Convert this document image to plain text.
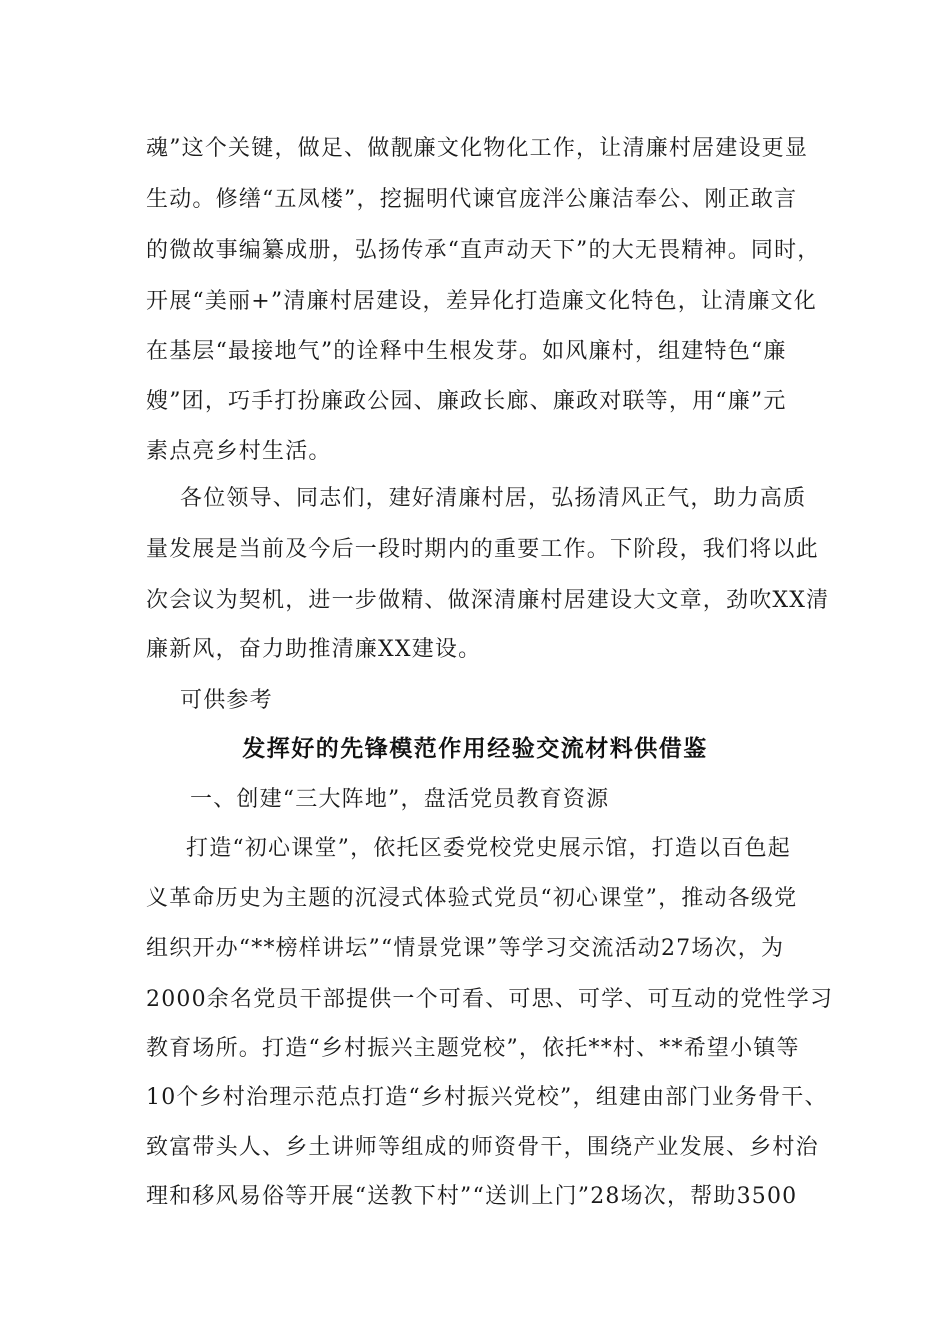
魂”这个关键，做足、做靓廉文化物化工作，让清廉村居建设更显
生动。修缮“五凤楼”，挖掘明代谏官庞泮公廉洁奉公、刚正敢言
的微故事编纂成册，弘扬传承“直声动天下”的大无畏精神。同时，
开展“美丽+”清廉村居建设，差异化打造廉文化特色，让清廉文化
在基层“最接地气”的诠释中生根发芽。如风廉村，组建特色“廉
嫂”团，巧手打扮廉政公园、廉政长廊、廉政对联等，用“廉”元
素点亮乡村生活。
各位领导、同志们，建好清廉村居，弘扬清风正气，助力高质
量发展是当前及今后一段时期内的重要工作。下阶段，我们将以此
次会议为契机，进一步做精、做深清廉村居建设大文章，劲吹XX清
廉新风，奋力助推清廉XX建设。
可供参考
发挥好的先锋模范作用经验交流材料供借鉴
一、创建“三大阵地”，盘活党员教育资源
打造“初心课堂”，依托区委党校党史展示馆，打造以百色起
义革命历史为主题的沉浸式体验式党员“初心课堂”，推动各级党
组织开办“**榜样讲坛”“情景党课”等学习交流活动27场次，为
2000余名党员干部提供一个可看、可思、可学、可互动的党性学习
教育场所。打造“乡村振兴主题党校”，依托**村、**希望小镇等
10个乡村治理示范点打造“乡村振兴党校”，组建由部门业务骨干、
致富带头人、乡土讲师等组成的师资骨干，围绕产业发展、乡村治
理和移风易俗等开展“送教下村”“送训上门”28场次，帮助3500
